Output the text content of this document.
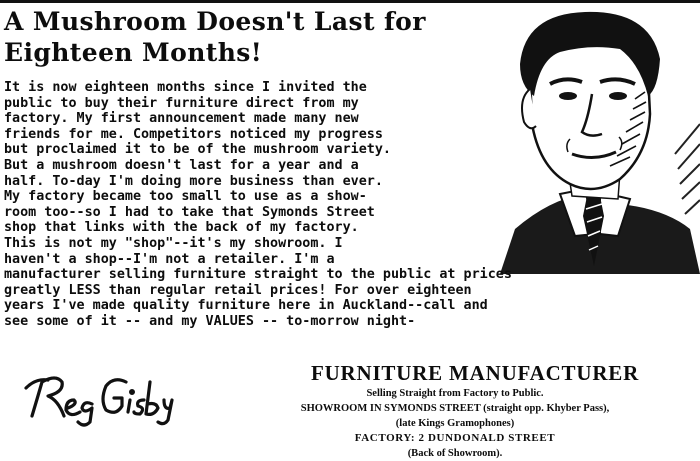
A Mushroom Doesn't Last for
Eighteen Months!
It is now eighteen months since I invited the
public to buy their furniture direct from my
factory. My first announcement made many new
friends for me. Competitors noticed my progress
but proclaimed it to be of the mushroom variety.
But a mushroom doesn't last for a year and a
half. To-day I'm doing more business than ever.
My factory became too small to use as a show-
room too--so I had to take that Symonds Street
shop that links with the back of my factory.
This is not my "shop"--it's my showroom. I
haven't a shop--I'm not a retailer. I'm a
manufacturer selling furniture straight to the public at prices
greatly LESS than regular retail prices! For over eighteen
years I've made quality furniture here in Auckland--call and
see some of it -- and my VALUES -- to-morrow night-
FURNITURE MANUFACTURER
Selling Straight from Factory to Public.
SHOWROOM IN SYMONDS STREET (straight opp. Khyber Pass),
(late Kings Gramophones)
FACTORY: 2 DUNDONALD STREET
(Back of Showroom).
